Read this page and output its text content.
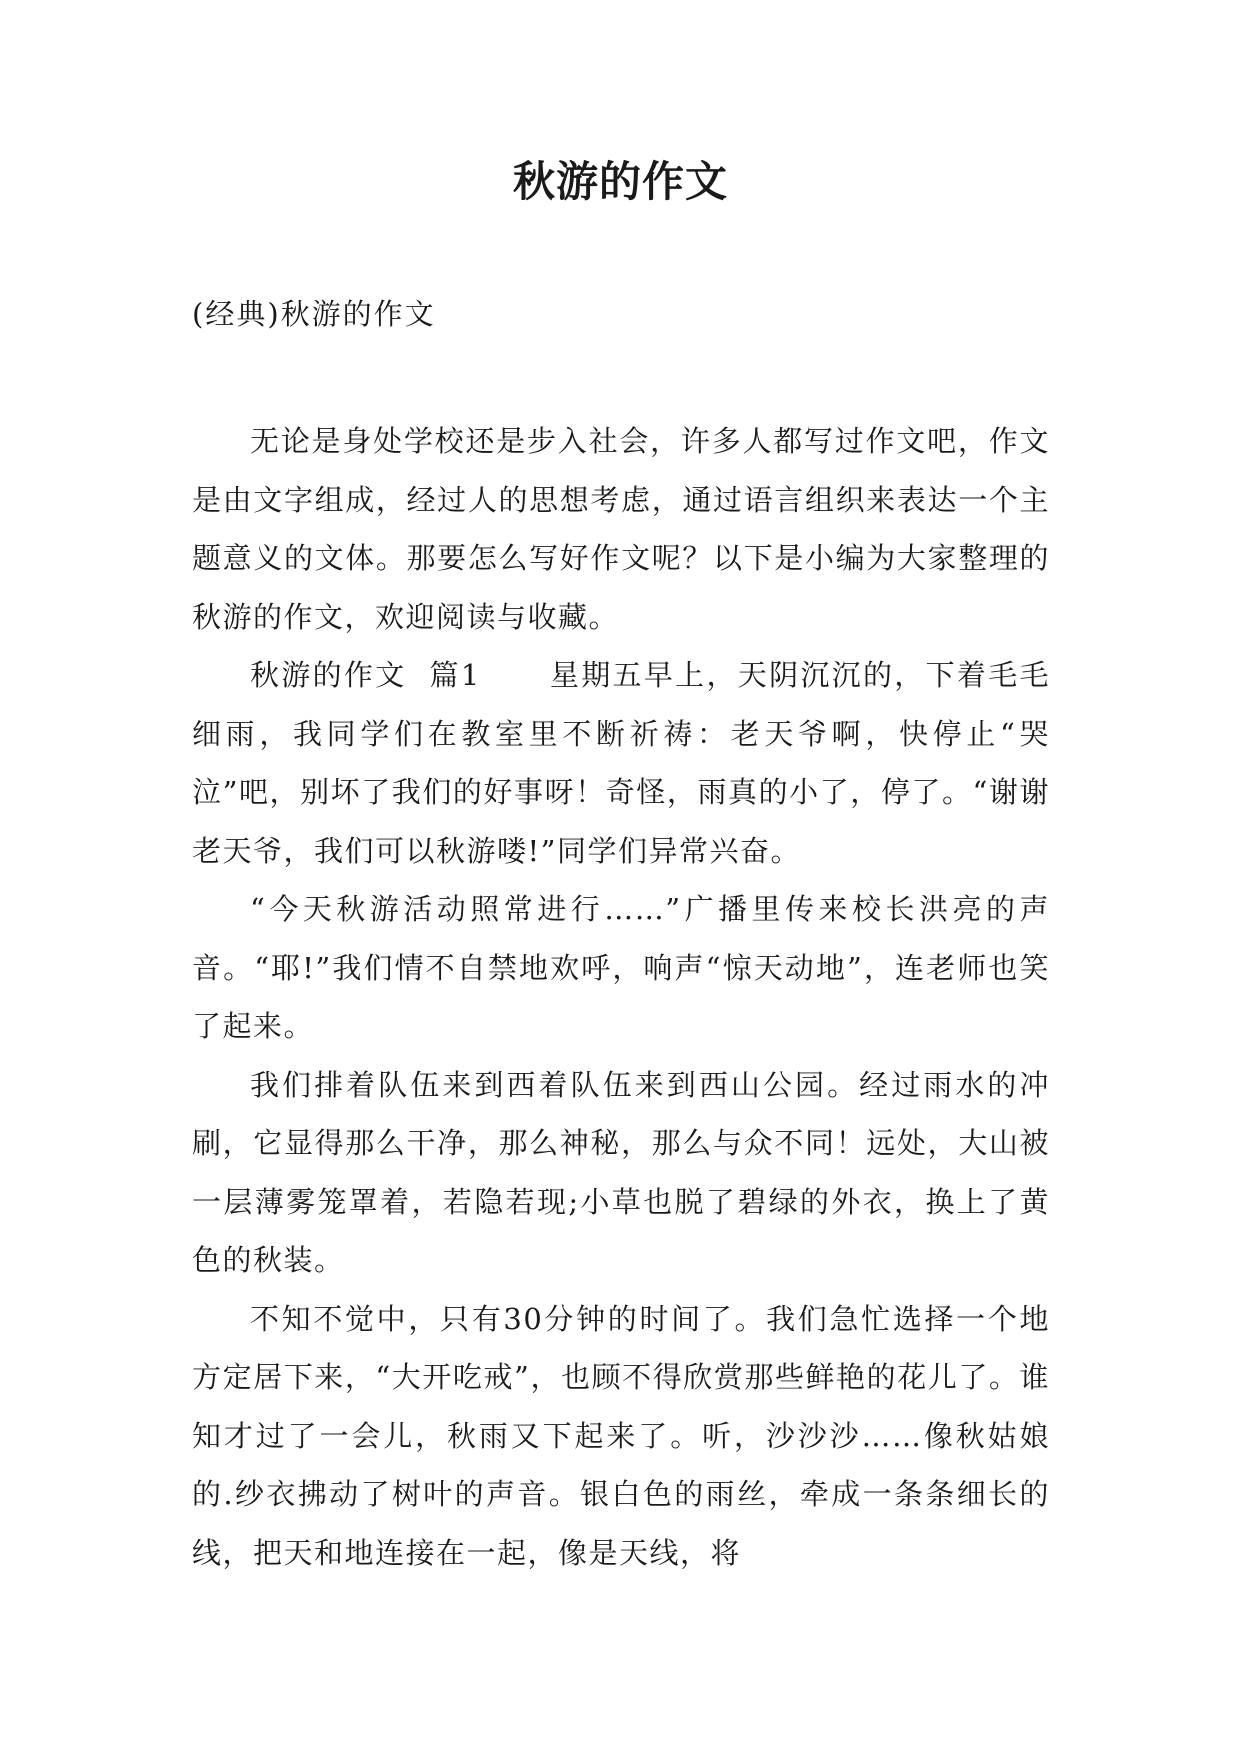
秋游的作文
(经典)秋游的作文

无论是身处学校还是步入社会，许多人都写过作文吧，作文是由文字组成，经过人的思想考虑，通过语言组织来表达一个主题意义的文体。那要怎么写好作文呢？以下是小编为大家整理的秋游的作文，欢迎阅读与收藏。

秋游的作文  篇1      星期五早上，天阴沉沉的，下着毛毛细雨，我同学们在教室里不断祈祷：老天爷啊，快停止“哭泣”吧，别坏了我们的好事呀！奇怪，雨真的小了，停了。“谢谢老天爷，我们可以秋游喽!”同学们异常兴奋。

“今天秋游活动照常进行……”广播里传来校长洪亮的声音。“耶!”我们情不自禁地欢呼，响声“惊天动地”，连老师也笑了起来。

我们排着队伍来到西着队伍来到西山公园。经过雨水的冲刷，它显得那么干净，那么神秘，那么与众不同！远处，大山被一层薄雾笼罩着，若隐若现;小草也脱了碧绿的外衣，换上了黄色的秋装。

不知不觉中，只有30分钟的时间了。我们急忙选择一个地方定居下来，“大开吃戒”，也顾不得欣赏那些鲜艳的花儿了。谁知才过了一会儿，秋雨又下起来了。听，沙沙沙……像秋姑娘的.纱衣拂动了树叶的声音。银白色的雨丝，牵成一条条细长的线，把天和地连接在一起，像是天线，将
